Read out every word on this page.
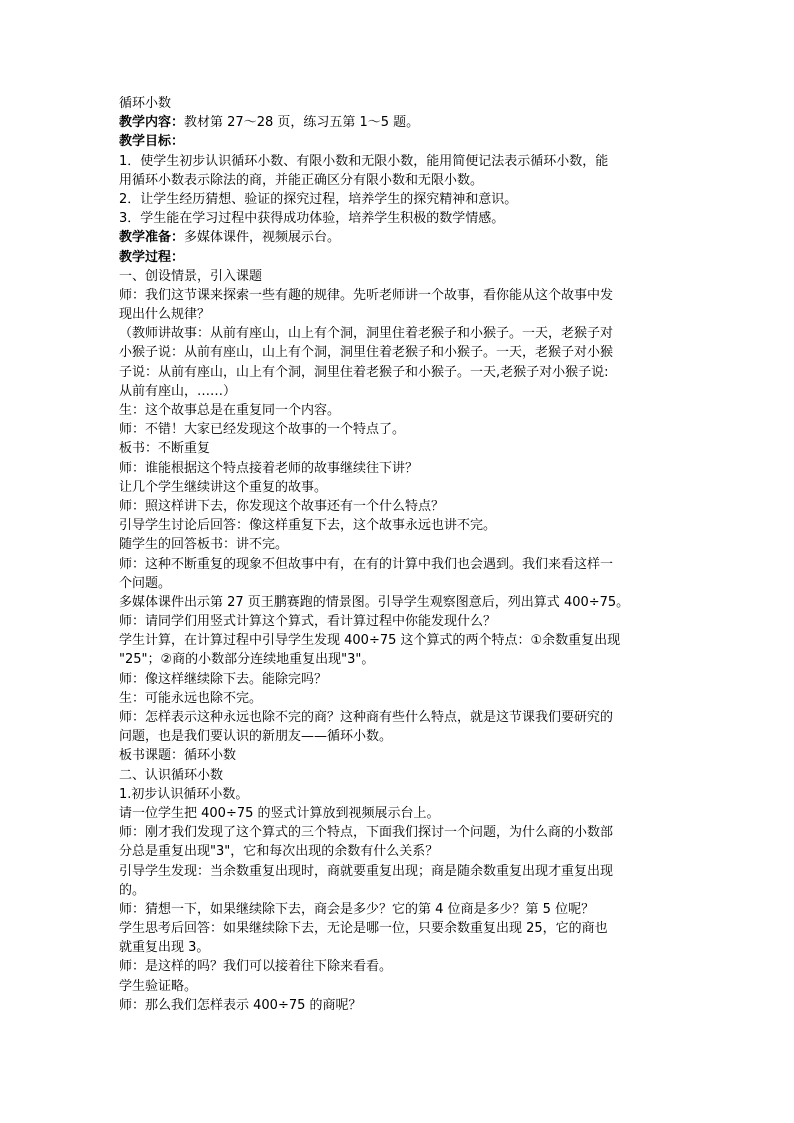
循环小数
教学内容：教材第 27～28 页，练习五第 1～5 题。
教学目标：
1．使学生初步认识循环小数、有限小数和无限小数，能用简便记法表示循环小数，能
用循环小数表示除法的商，并能正确区分有限小数和无限小数。
2．让学生经历猜想、验证的探究过程，培养学生的探究精神和意识。
3．学生能在学习过程中获得成功体验，培养学生积极的数学情感。
教学准备：多媒体课件，视频展示台。
教学过程：
一、创设情景，引入课题
师：我们这节课来探索一些有趣的规律。先听老师讲一个故事，看你能从这个故事中发
现出什么规律？
（教师讲故事：从前有座山，山上有个洞，洞里住着老猴子和小猴子。一天，老猴子对
小猴子说：从前有座山，山上有个洞，洞里住着老猴子和小猴子。一天，老猴子对小猴
子说：从前有座山，山上有个洞，洞里住着老猴子和小猴子。一天,老猴子对小猴子说:
从前有座山，……）
生：这个故事总是在重复同一个内容。
师：不错！大家已经发现这个故事的一个特点了。
板书：不断重复
师：谁能根据这个特点接着老师的故事继续往下讲？
让几个学生继续讲这个重复的故事。
师：照这样讲下去，你发现这个故事还有一个什么特点？
引导学生讨论后回答：像这样重复下去，这个故事永远也讲不完。
随学生的回答板书：讲不完。
师：这种不断重复的现象不但故事中有，在有的计算中我们也会遇到。我们来看这样一
个问题。
多媒体课件出示第 27 页王鹏赛跑的情景图。引导学生观察图意后，列出算式 400÷75。
师：请同学们用竖式计算这个算式，看计算过程中你能发现什么？
学生计算，在计算过程中引导学生发现 400÷75 这个算式的两个特点：①余数重复出现
"25"；②商的小数部分连续地重复出现"3"。
师：像这样继续除下去。能除完吗？
生：可能永远也除不完。
师：怎样表示这种永远也除不完的商？这种商有些什么特点，就是这节课我们要研究的
问题，也是我们要认识的新朋友——循环小数。
板书课题：循环小数
二、认识循环小数
1.初步认识循环小数。
请一位学生把 400÷75 的竖式计算放到视频展示台上。
师：刚才我们发现了这个算式的三个特点，下面我们探讨一个问题，为什么商的小数部
分总是重复出现"3"，它和每次出现的余数有什么关系？
引导学生发现：当余数重复出现时，商就要重复出现；商是随余数重复出现才重复出现
的。
师：猜想一下，如果继续除下去，商会是多少？它的第 4 位商是多少？第 5 位呢？
学生思考后回答：如果继续除下去，无论是哪一位，只要余数重复出现 25，它的商也
就重复出现 3。
师：是这样的吗？我们可以接着往下除来看看。
学生验证略。
师：那么我们怎样表示 400÷75 的商呢？
